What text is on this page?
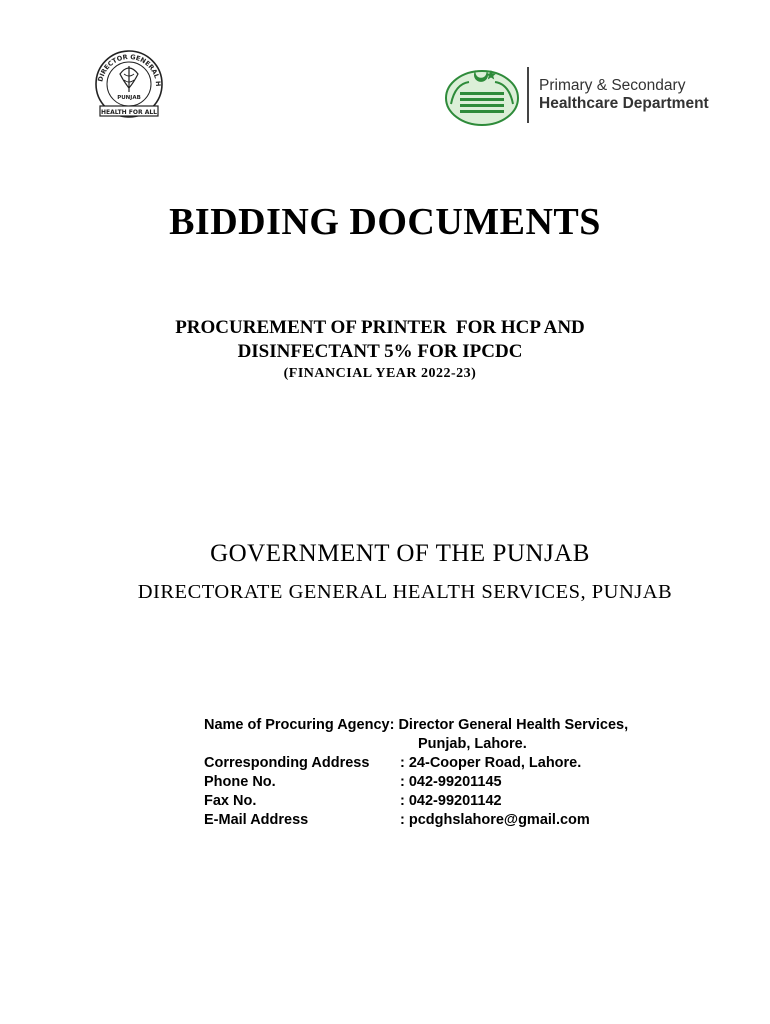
DIRECTOR GENERAL H
PUNJAB
HEALTH FOR ALL
Primary & Secondary
Healthcare Department
BIDDING DOCUMENTS
PROCUREMENT OF PRINTER  FOR HCP AND
DISINFECTANT 5% FOR IPCDC
(FINANCIAL YEAR 2022-23)
GOVERNMENT OF THE PUNJAB
DIRECTORATE GENERAL HEALTH SERVICES, PUNJAB
Name of Procuring Agency: Director General Health Services,
Punjab, Lahore.
Corresponding Address	: 24-Cooper Road, Lahore.
Phone No.	: 042-99201145
Fax No.	: 042-99201142
E-Mail Address	: pcdghslahore@gmail.com
